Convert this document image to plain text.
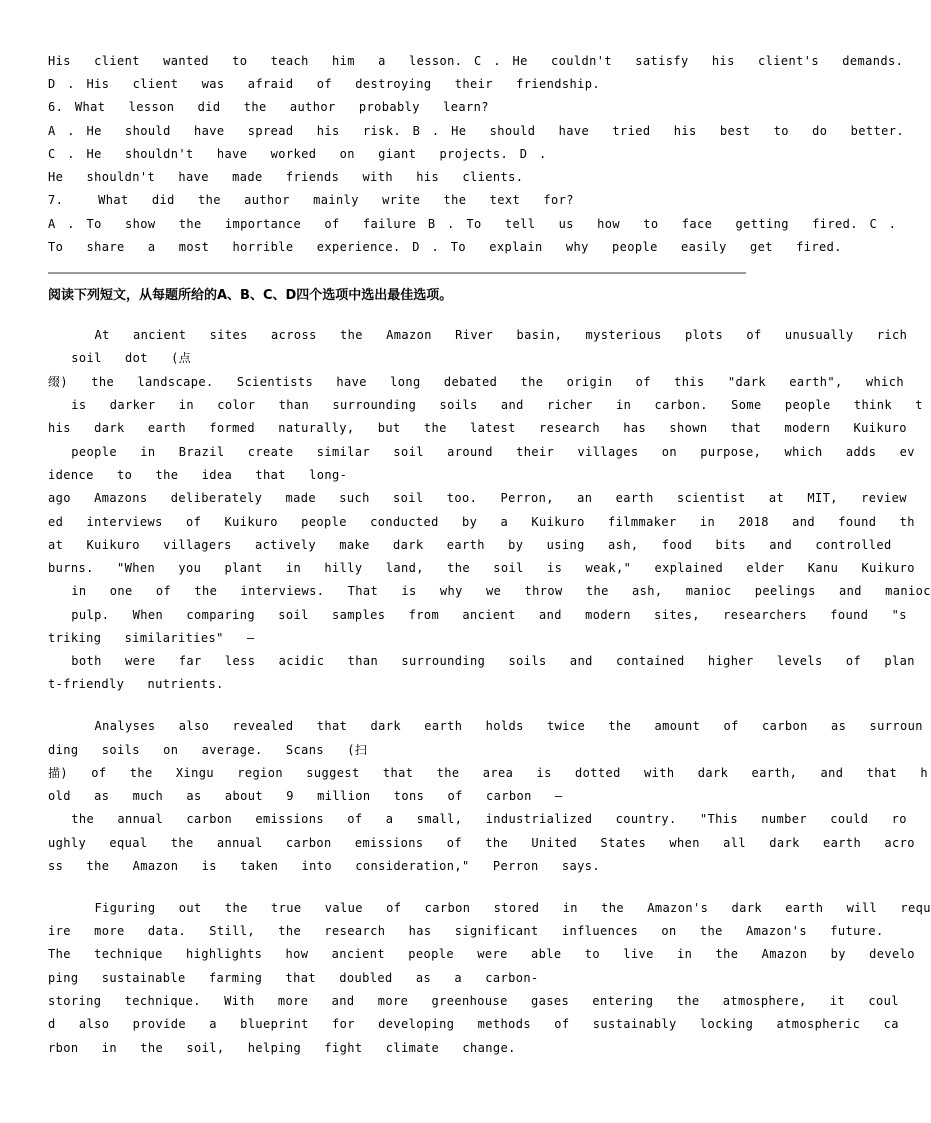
His  client  wanted  to  teach  him  a  lesson. C . He  couldn't  satisfy  his  client's  demands.
D . His  client  was  afraid  of  destroying  their  friendship.
6. What  lesson  did  the  author  probably  learn?
A . He  should  have  spread  his  risk. B . He  should  have  tried  his  best  to  do  better.
C . He  shouldn't  have  worked  on  giant  projects. D .
He  shouldn't  have  made  friends  with  his  clients.
7.   What  did  the  author  mainly  write  the  text  for?
A . To  show  the  importance  of  failure B . To  tell  us  how  to  face  getting  fired. C .
To  share  a  most  horrible  experience. D . To  explain  why  people  easily  get  fired.
阅读下列短文，从每题所给的A、B、C、D四个选项中选出最佳选项。
At  ancient  sites  across  the  Amazon  River  basin,  mysterious  plots  of  unusually  rich
soil  dot  (点
缀)  the  landscape.  Scientists  have  long  debated  the  origin  of  this  "dark  earth",  which
is  darker  in  color  than  surrounding  soils  and  richer  in  carbon.  Some  people  think  t
his  dark  earth  formed  naturally,  but  the  latest  research  has  shown  that  modern  Kuikuro
people  in  Brazil  create  similar  soil  around  their  villages  on  purpose,  which  adds  ev
idence  to  the  idea  that  long-
ago  Amazons  deliberately  made  such  soil  too.  Perron,  an  earth  scientist  at  MIT,  review
ed  interviews  of  Kuikuro  people  conducted  by  a  Kuikuro  filmmaker  in  2018  and  found  th
at  Kuikuro  villagers  actively  make  dark  earth  by  using  ash,  food  bits  and  controlled
burns.  "When  you  plant  in  hilly  land,  the  soil  is  weak,"  explained  elder  Kanu  Kuikuro
in  one  of  the  interviews.  That  is  why  we  throw  the  ash,  manioc  peelings  and  manioc
pulp.  When  comparing  soil  samples  from  ancient  and  modern  sites,  researchers  found  "s
triking  similarities"  —
both  were  far  less  acidic  than  surrounding  soils  and  contained  higher  levels  of  plan
t-friendly  nutrients.
Analyses  also  revealed  that  dark  earth  holds  twice  the  amount  of  carbon  as  surroun
ding  soils  on  average.  Scans  (扫
描)  of  the  Xingu  region  suggest  that  the  area  is  dotted  with  dark  earth,  and  that  h
old  as  much  as  about  9  million  tons  of  carbon  —
the  annual  carbon  emissions  of  a  small,  industrialized  country.  "This  number  could  ro
ughly  equal  the  annual  carbon  emissions  of  the  United  States  when  all  dark  earth  acro
ss  the  Amazon  is  taken  into  consideration,"  Perron  says.
Figuring  out  the  true  value  of  carbon  stored  in  the  Amazon's  dark  earth  will  requ
ire  more  data.  Still,  the  research  has  significant  influences  on  the  Amazon's  future.
The  technique  highlights  how  ancient  people  were  able  to  live  in  the  Amazon  by  develo
ping  sustainable  farming  that  doubled  as  a  carbon-
storing  technique.  With  more  and  more  greenhouse  gases  entering  the  atmosphere,  it  coul
d  also  provide  a  blueprint  for  developing  methods  of  sustainably  locking  atmospheric  ca
rbon  in  the  soil,  helping  fight  climate  change.
